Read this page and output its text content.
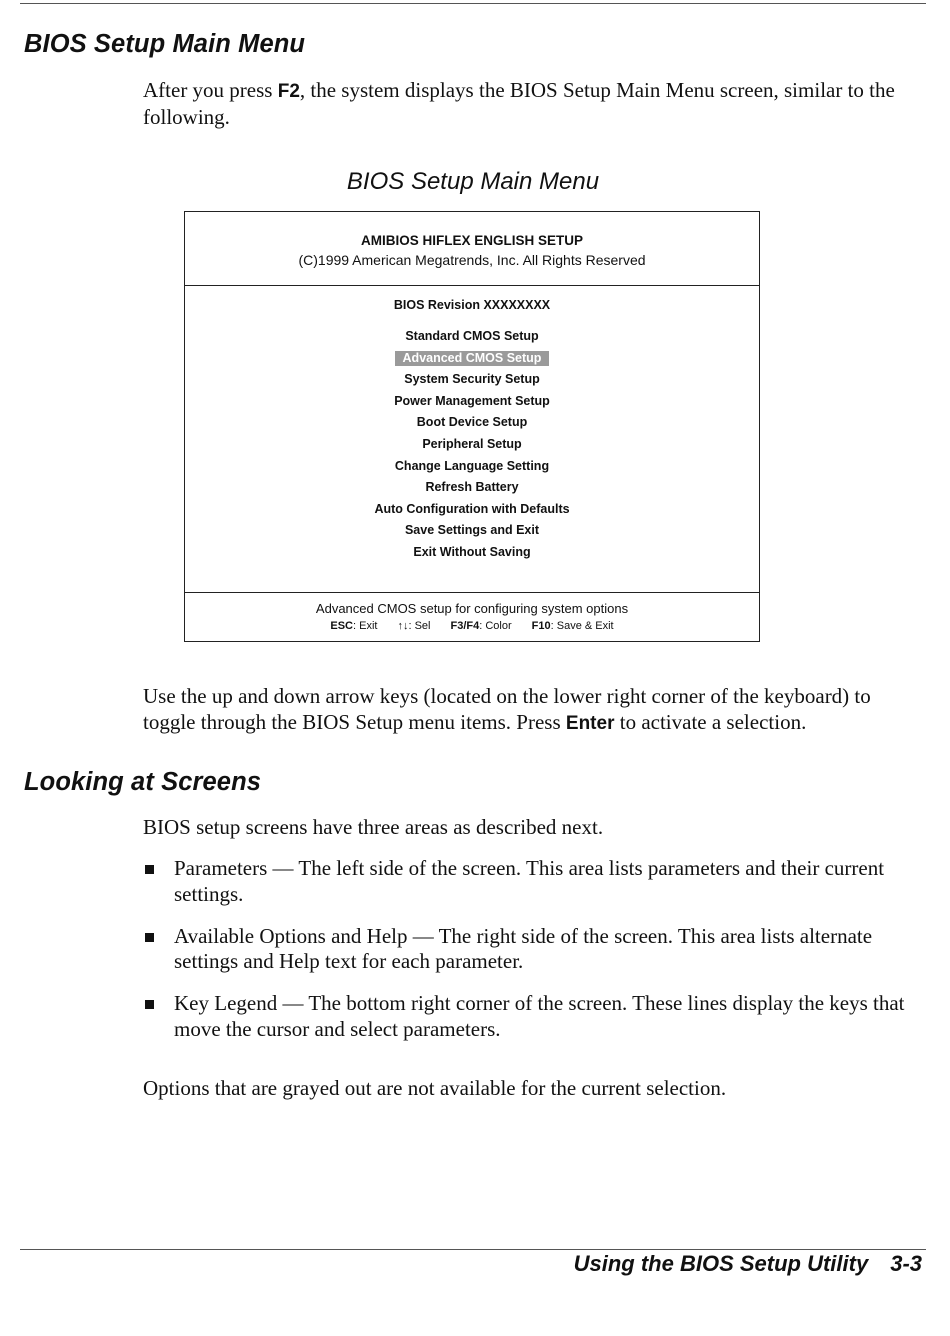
BIOS Setup Main Menu

After you press F2, the system displays the BIOS Setup Main Menu screen, similar to the following.

BIOS Setup Main Menu
AMIBIOS HIFLEX ENGLISH SETUP
(C)1999 American Megatrends, Inc. All Rights Reserved
BIOS Revision XXXXXXXX
Standard CMOS Setup
Advanced CMOS Setup
System Security Setup
Power Management Setup
Boot Device Setup
Peripheral Setup
Change Language Setting
Refresh Battery
Auto Configuration with Defaults
Save Settings and Exit
Exit Without Saving
Advanced CMOS setup for configuring system options
ESC: Exit ↑↓: Sel F3/F4: Color F10: Save & Exit

Use the up and down arrow keys (located on the lower right corner of the keyboard) to toggle through the BIOS Setup menu items. Press Enter to activate a selection.

Looking at Screens

BIOS setup screens have three areas as described next.

Parameters — The left side of the screen. This area lists parameters and their current settings.
Available Options and Help — The right side of the screen. This area lists alternate settings and Help text for each parameter.
Key Legend — The bottom right corner of the screen. These lines display the keys that move the cursor and select parameters.

Options that are grayed out are not available for the current selection.

Using the BIOS Setup Utility 3-3
